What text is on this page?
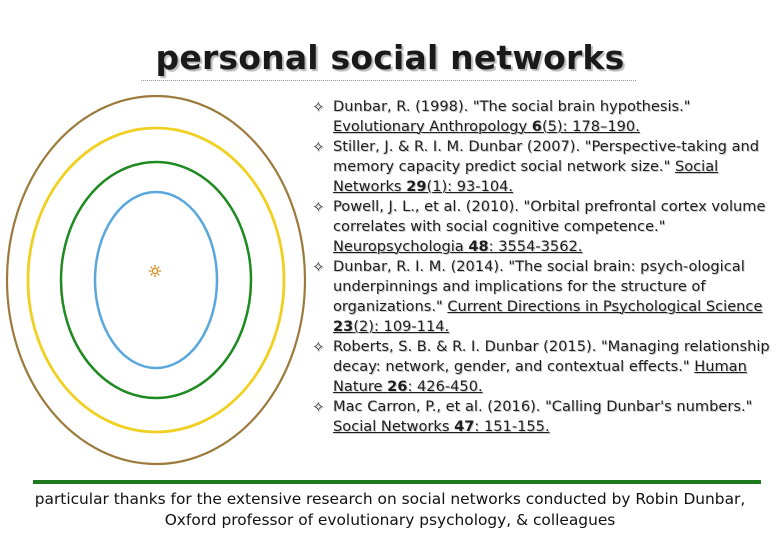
personal social networks
✧ Dunbar, R. (1998). "The social brain hypothesis." Evolutionary Anthropology 6(5): 178–190.
✧ Stiller, J. & R. I. M. Dunbar (2007). "Perspective-taking and memory capacity predict social network size." Social Networks 29(1): 93-104.
✧ Powell, J. L., et al. (2010). "Orbital prefrontal cortex volume correlates with social cognitive competence." Neuropsychologia 48: 3554-3562.
✧ Dunbar, R. I. M. (2014). "The social brain: psych-ological underpinnings and implications for the structure of organizations." Current Directions in Psychological Science 23(2): 109-114.
✧ Roberts, S. B. & R. I. Dunbar (2015). "Managing relationship decay: network, gender, and contextual effects." Human Nature 26: 426-450.
✧ Mac Carron, P., et al. (2016). "Calling Dunbar's numbers." Social Networks 47: 151-155.
particular thanks for the extensive research on social networks conducted by Robin Dunbar,
Oxford professor of evolutionary psychology, & colleagues
